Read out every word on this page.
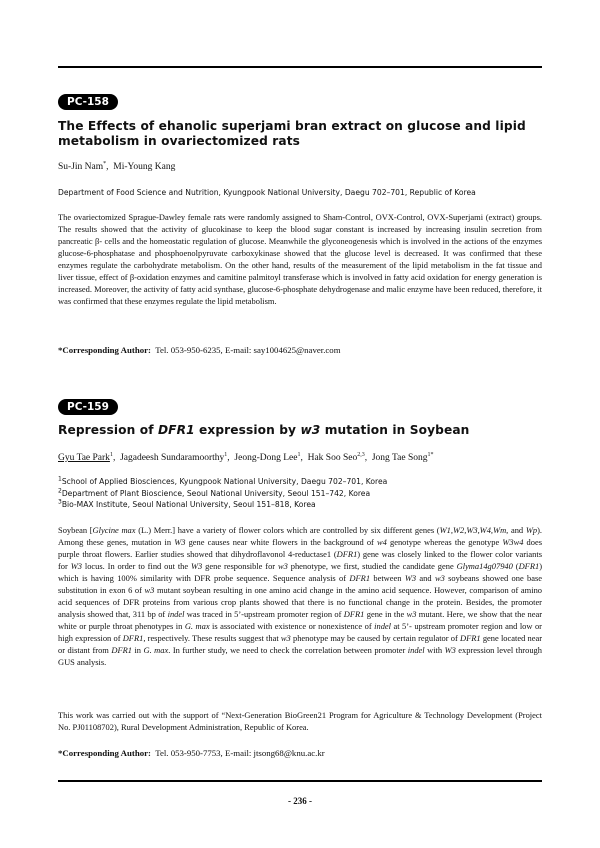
PC-158
The Effects of ehanolic superjami bran extract on glucose and lipid metabolism in ovariectomized rats
Su-Jin Nam*,  Mi-Young Kang
Department of Food Science and Nutrition, Kyungpook National University, Daegu 702–701, Republic of Korea

The ovariectomized Sprague-Dawley female rats were randomly assigned to Sham-Control, OVX-Control, OVX-Superjami (extract) groups. The results showed that the activity of glucokinase to keep the blood sugar constant is increased by increasing insulin secretion from pancreatic β- cells and the homeostatic regulation of glucose. Meanwhile the glyconeogenesis which is involved in the actions of the enzymes glucose-6-phosphatase and phosphoenolpyruvate carboxykinase showed that the glucose level is decreased. It was confirmed that these enzymes regulate the carbohydrate metabolism. On the other hand, results of the measurement of the lipid metabolism in the fat tissue and liver tissue, effect of β-oxidation enzymes and camitine palmitoyl transferase which is involved in fatty acid oxidation for energy generation is increased. Moreover, the activity of fatty acid synthase, glucose-6-phosphate dehydrogenase and malic enzyme have been reduced, therefore, it was confirmed that these enzymes regulate the lipid metabolism.

*Corresponding Author: Tel. 053-950-6235, E-mail: say1004625@naver.com
PC-159
Repression of DFR1 expression by w3 mutation in Soybean
Gyu Tae Park$^1$,  Jagadeesh Sundaramoorthy$^1$,  Jeong-Dong Lee$^1$,  Hak Soo Seo$^{2,3}$,  Jong Tae Song$^{1*}$
$^1$School of Applied Biosciences, Kyungpook National University, Daegu 702–701, Korea
$^2$Department of Plant Bioscience, Seoul National University, Seoul 151–742, Korea
$^3$Bio-MAX Institute, Seoul National University, Seoul 151–818, Korea

Soybean [Glycine max (L.) Merr.] have a variety of flower colors which are controlled by six different genes (W1,W2,W3,W4,Wm, and Wp). Among these genes, mutation in W3 gene causes near white flowers in the background of w4 genotype whereas the genotype W3w4 does purple throat flowers. Earlier studies showed that dihydroflavonol 4-reductase1 (DFR1) gene was closely linked to the flower color variants for W3 locus. In order to find out the W3 gene responsible for w3 phenotype, we first, studied the candidate gene Glyma14g07940 (DFR1) which is having 100% similarity with DFR probe sequence. Sequence analysis of DFR1 between W3 and w3 soybeans showed one base substitution in exon 6 of w3 mutant soybean resulting in one amino acid change in the amino acid sequence. However, comparison of amino acid sequences of DFR proteins from various crop plants showed that there is no functional change in the protein. Besides, the promoter analysis showed that, 311 bp of indel was traced in 5’-upstream promoter region of DFR1 gene in the w3 mutant. Here, we show that the near white or purple throat phenotypes in G. max is associated with existence or nonexistence of indel at 5’- upstream promoter region and low or high expression of DFR1, respectively. These results suggest that w3 phenotype may be caused by certain regulator of DFR1 gene located near or distant from DFR1 in G. max. In further study, we need to check the correlation between promoter indel with W3 expression level through GUS analysis.

This work was carried out with the support of “Next-Generation BioGreen21 Program for Agriculture & Technology Development (Project No. PJ01108702), Rural Development Administration, Republic of Korea.

*Corresponding Author: Tel. 053-950-7753, E-mail: jtsong68@knu.ac.kr
- 236 -
